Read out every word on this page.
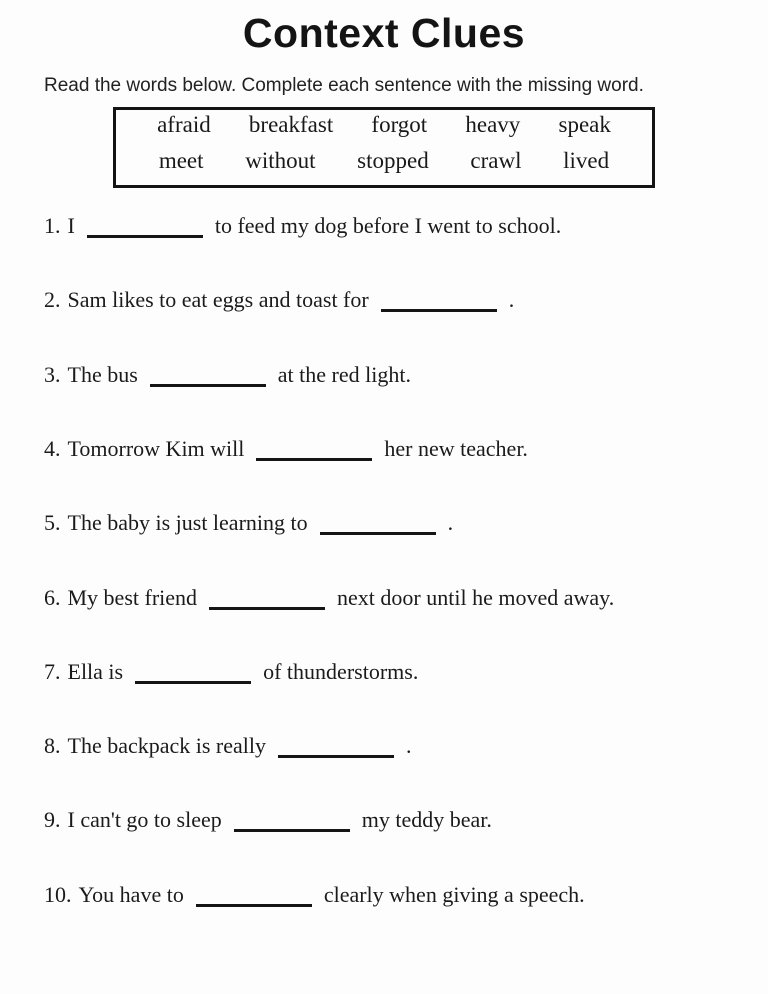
Context Clues

Read the words below. Complete each sentence with the missing word.

afraid breakfast forgot heavy speak
meet without stopped crawl lived
1. I	to feed my dog before I went to school.
2. Sam likes to eat eggs and toast for	.
3. The bus	at the red light.
4. Tomorrow Kim will	her new teacher.
5. The baby is just learning to	.
6. My best friend	next door until he moved away.
7. Ella is	of thunderstorms.
8. The backpack is really	.
9. I can't go to sleep	my teddy bear.
10. You have to	clearly when giving a speech.
